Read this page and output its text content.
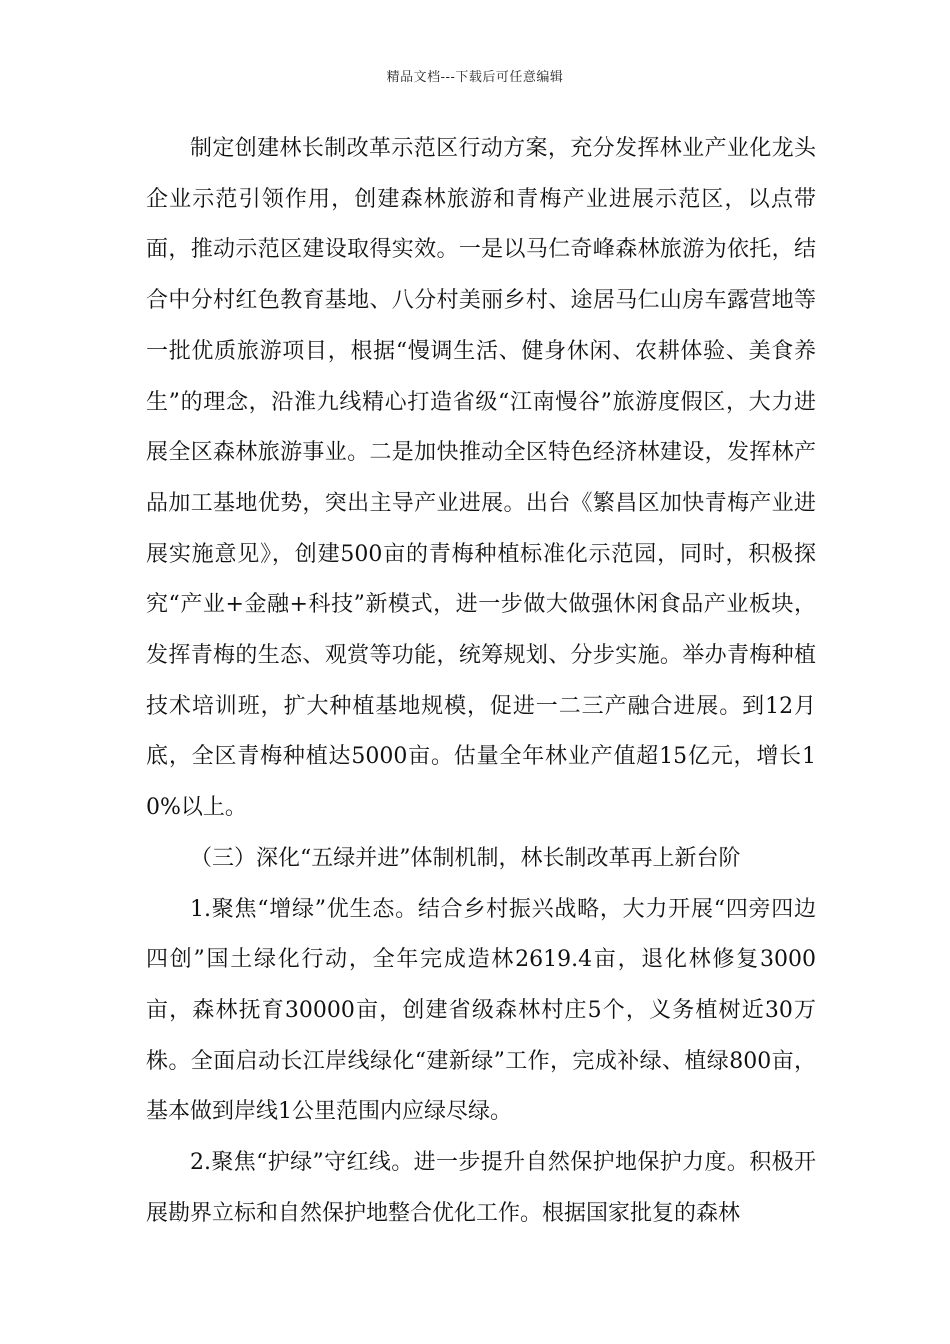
精品文档---下载后可任意编辑

制定创建林长制改革示范区行动方案，充分发挥林业产业化龙头企业示范引领作用，创建森林旅游和青梅产业进展示范区，以点带面，推动示范区建设取得实效。一是以马仁奇峰森林旅游为依托，结合中分村红色教育基地、八分村美丽乡村、途居马仁山房车露营地等一批优质旅游项目，根据“慢调生活、健身休闲、农耕体验、美食养生”的理念，沿淮九线精心打造省级“江南慢谷”旅游度假区，大力进展全区森林旅游事业。二是加快推动全区特色经济林建设，发挥林产品加工基地优势，突出主导产业进展。出台《繁昌区加快青梅产业进展实施意见》，创建500亩的青梅种植标准化示范园，同时，积极探究“产业+金融+科技”新模式，进一步做大做强休闲食品产业板块，发挥青梅的生态、观赏等功能，统筹规划、分步实施。举办青梅种植技术培训班，扩大种植基地规模，促进一二三产融合进展。到12月底，全区青梅种植达5000亩。估量全年林业产值超15亿元，增长10%以上。

（三）深化“五绿并进”体制机制，林长制改革再上新台阶

1.聚焦“增绿”优生态。结合乡村振兴战略，大力开展“四旁四边四创”国土绿化行动，全年完成造林2619.4亩，退化林修复3000亩，森林抚育30000亩，创建省级森林村庄5个，义务植树近30万株。全面启动长江岸线绿化“建新绿”工作，完成补绿、植绿800亩，基本做到岸线1公里范围内应绿尽绿。

2.聚焦“护绿”守红线。进一步提升自然保护地保护力度。积极开展勘界立标和自然保护地整合优化工作。根据国家批复的森林
